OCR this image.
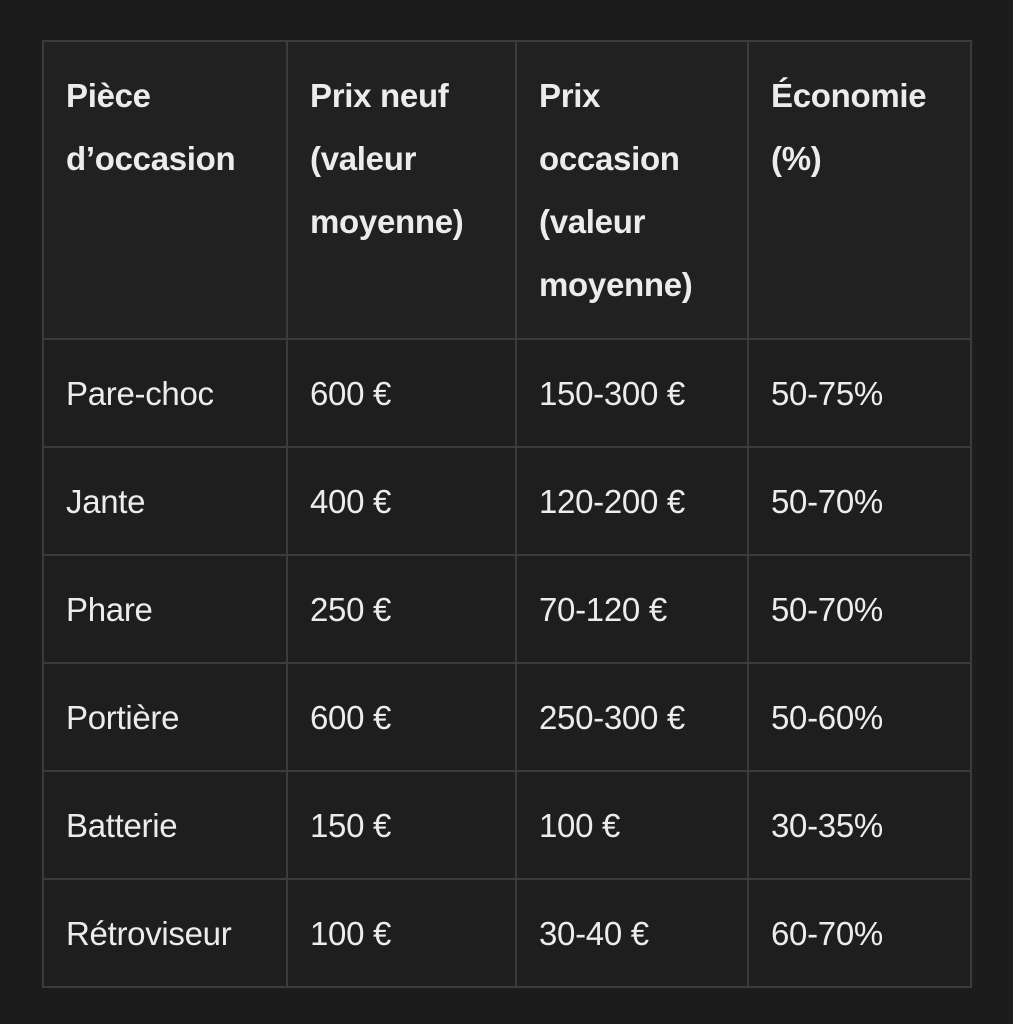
Pièce d’occasion	Prix neuf (valeur moyenne)	Prix occasion (valeur moyenne)	Économie (%)
Pare-choc	600 €	150-300 €	50-75%
Jante	400 €	120-200 €	50-70%
Phare	250 €	70-120 €	50-70%
Portière	600 €	250-300 €	50-60%
Batterie	150 €	100 €	30-35%
Rétroviseur	100 €	30-40 €	60-70%
